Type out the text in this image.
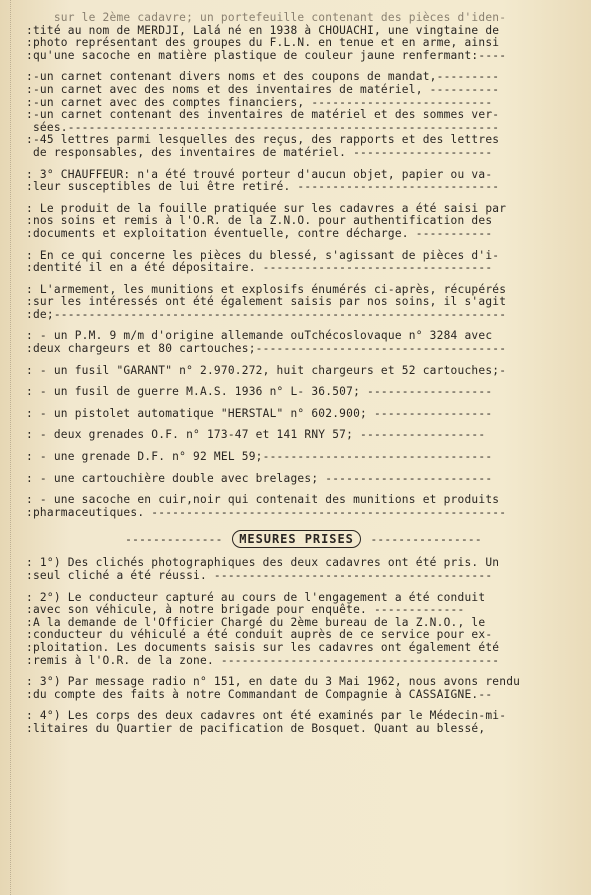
sur le 2ème cadavre; un portefeuille contenant des pièces d'iden-
:tité au nom de MERDJI, Lalá né en 1938 à CHOUACHI, une vingtaine de
:photo représentant des groupes du F.L.N. en tenue et en arme, ainsi
:qu'une sacoche en matière plastique de couleur jaune renfermant:----
:-un carnet contenant divers noms et des coupons de mandat,---------
:-un carnet avec des noms et des inventaires de matériel, ----------
:-un carnet avec des comptes financiers, --------------------------
:-un carnet contenant des inventaires de matériel et des sommes ver-
sées.--------------------------------------------------------------
:-45 lettres parmi lesquelles des reçus, des rapports et des lettres
de responsables, des inventaires de matériel. --------------------
: 3° CHAUFFEUR: n'a été trouvé porteur d'aucun objet, papier ou va-
:leur susceptibles de lui être retiré. -----------------------------
: Le produit de la fouille pratiquée sur les cadavres a été saisi par
:nos soins et remis à l'O.R. de la Z.N.O. pour authentification des
:documents et exploitation éventuelle, contre décharge. -----------
: En ce qui concerne les pièces du blessé, s'agissant de pièces d'i-
:dentité il en a été dépositaire. ---------------------------------
: L'armement, les munitions et explosifs énumérés ci-après, récupérés
:sur les intéressés ont été également saisis par nos soins, il s'agit
:de;-----------------------------------------------------------------
: - un P.M. 9 m/m d'origine allemande ouTchécoslovaque n° 3284 avec
:deux chargeurs et 80 cartouches;------------------------------------
: - un fusil "GARANT" n° 2.970.272, huit chargeurs et 52 cartouches;-
: - un fusil de guerre M.A.S. 1936 n° L- 36.507; ------------------
: - un pistolet automatique "HERSTAL" n° 602.900; -----------------
: - deux grenades O.F. n° 173-47 et 141 RNY 57; ------------------
: - une grenade D.F. n° 92 MEL 59;---------------------------------
: - une cartouchière double avec brelages; ------------------------
: - une sacoche en cuir,noir qui contenait des munitions et produits
:pharmaceutiques. ---------------------------------------------------
-------------- MESURES PRISES ----------------
: 1°) Des clichés photographiques des deux cadavres ont été pris. Un
:seul cliché a été réussi. ----------------------------------------
: 2°) Le conducteur capturé au cours de l'engagement a été conduit
:avec son véhicule, à notre brigade pour enquête. -------------
:A la demande de l'Officier Chargé du 2ème bureau de la Z.N.O., le
:conducteur du véhiculé a été conduit auprès de ce service pour ex-
:ploitation. Les documents saisis sur les cadavres ont également été
:remis à l'O.R. de la zone. ----------------------------------------
: 3°) Par message radio n° 151, en date du 3 Mai 1962, nous avons rendu
:du compte des faits à notre Commandant de Compagnie à CASSAIGNE.--
: 4°) Les corps des deux cadavres ont été examinés par le Médecin-mi-
:litaires du Quartier de pacification de Bosquet. Quant au blessé,
